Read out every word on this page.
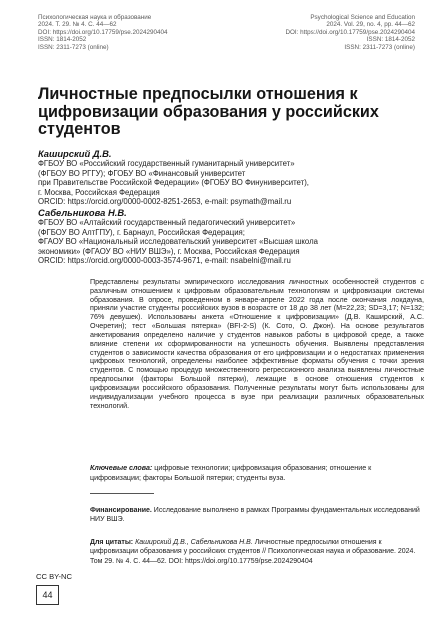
Психологическая наука и образование
2024. Т. 29. № 4. С. 44—62
DOI: https://doi.org/10.17759/pse.2024290404
ISSN: 1814-2052
ISSN: 2311-7273 (online)
Psychological Science and Education
2024. Vol. 29, no. 4, pp. 44—62
DOI: https://doi.org/10.17759/pse.2024290404
ISSN: 1814-2052
ISSN: 2311-7273 (online)
Личностные предпосылки отношения к цифровизации образования у российских студентов
Каширский Д.В.
ФГБОУ ВО «Российский государственный гуманитарный университет»
(ФГБОУ ВО РГГУ); ФГОБУ ВО «Финансовый университет
при Правительстве Российской Федерации» (ФГОБУ ВО Финуниверситет),
г. Москва, Российская Федерация
ORCID: https://orcid.org/0000-0002-8251-2653, e-mail: psymath@mail.ru
Сабельникова Н.В.
ФГБОУ ВО «Алтайский государственный педагогический университет»
(ФГБОУ ВО АлтГПУ), г. Барнаул, Российская Федерация;
ФГАОУ ВО «Национальный исследовательский университет «Высшая школа
экономики» (ФГАОУ ВО «НИУ ВШЭ»), г. Москва, Российская Федерация
ORCID: https://orcid.org/0000-0003-3574-9671, e-mail: nsabelni@mail.ru

Представлены результаты эмпирического исследования личностных особенностей студентов с различным отношением к цифровым образовательным технологиям и цифровизации системы образования. В опросе, проведенном в январе-апреле 2022 года после окончания локдауна, приняли участие студенты российских вузов в возрасте от 18 до 38 лет (M=22,23; SD=3,17; N=132; 76% девушек). Использованы анкета «Отношение к цифровизации» (Д.В. Каширский, А.С. Очеретин); тест «Большая пятерка» (BFI-2-S) (К. Сото, О. Джон). На основе результатов анкетирования определено наличие у студентов навыков работы в цифровой среде, а также влияние степени их сформированности на успешность обучения. Выявлены представления студентов о зависимости качества образования от его цифровизации и о недостатках применения цифровых технологий, определены наиболее эффективные форматы обучения с точки зрения студентов. С помощью процедур множественного регрессионного анализа выявлены личностные предпосылки (факторы Большой пятерки), лежащие в основе отношения студентов к цифровизации российского образования. Полученные результаты могут быть использованы для индивидуализации учебного процесса в вузе при реализации различных образовательных технологий.

Ключевые слова: цифровые технологии; цифровизация образования; отношение к цифровизации; факторы Большой пятерки; студенты вуза.

Финансирование. Исследование выполнено в рамках Программы фундаментальных исследований НИУ ВШЭ.

Для цитаты: Каширский Д.В., Сабельникова Н.В. Личностные предпосылки отношения к цифровизации образования у российских студентов // Психологическая наука и образование. 2024. Том 29. № 4. С. 44—62. DOI: https://doi.org/10.17759/pse.2024290404

CC BY-NC
44
